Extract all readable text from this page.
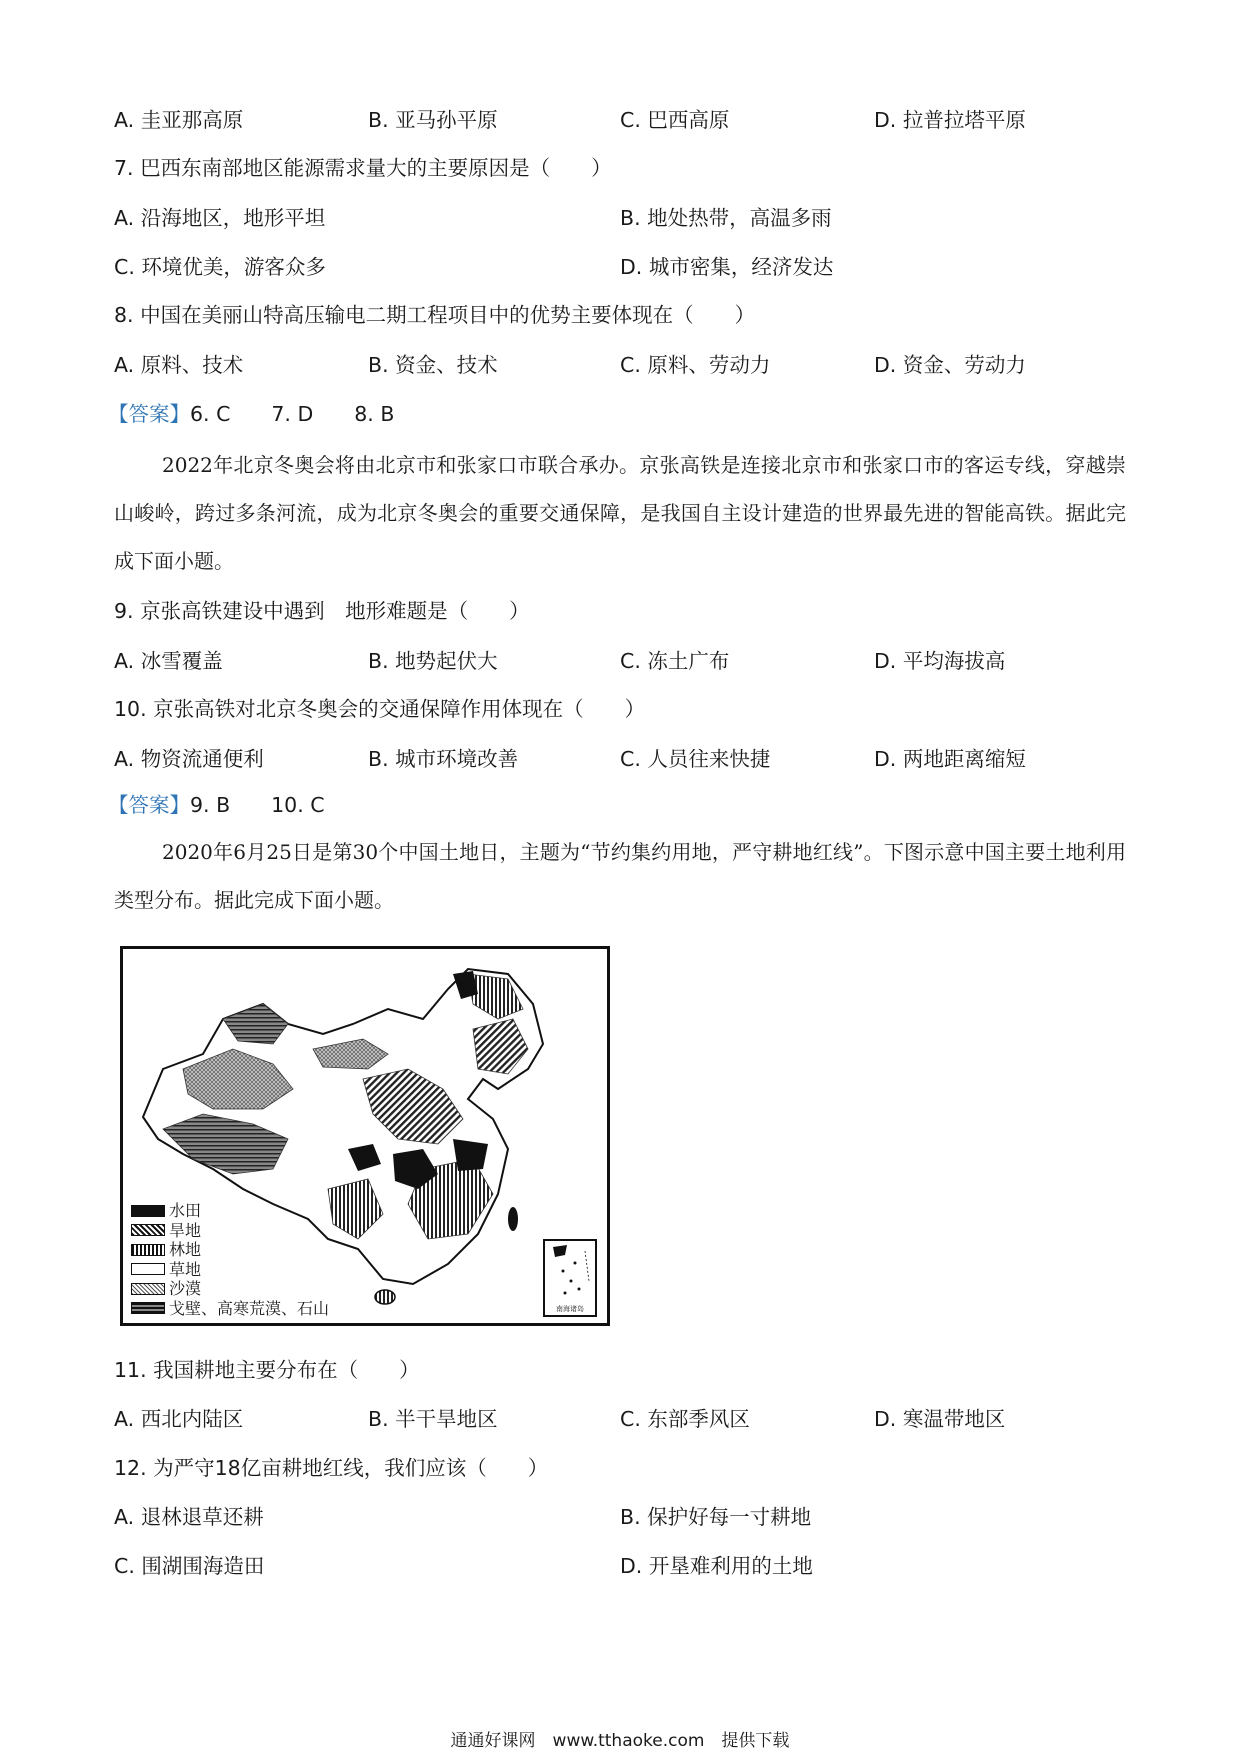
A. 圭亚那高原	B. 亚马孙平原	C. 巴西高原	D. 拉普拉塔平原
7. 巴西东南部地区能源需求量大的主要原因是（　　）
A. 沿海地区，地形平坦	B. 地处热带，高温多雨
C. 环境优美，游客众多	D. 城市密集，经济发达
8. 中国在美丽山特高压输电二期工程项目中的优势主要体现在（　　）
A. 原料、技术	B. 资金、技术	C. 原料、劳动力	D. 资金、劳动力
【答案】6. C　　7. D　　8. B
2022年北京冬奥会将由北京市和张家口市联合承办。京张高铁是连接北京市和张家口市的客运专线，穿越崇山峻岭，跨过多条河流，成为北京冬奥会的重要交通保障，是我国自主设计建造的世界最先进的智能高铁。据此完成下面小题。
9. 京张高铁建设中遇到　地形难题是（　　）
A. 冰雪覆盖	B. 地势起伏大	C. 冻土广布	D. 平均海拔高
10. 京张高铁对北京冬奥会的交通保障作用体现在（　　）
A. 物资流通便利	B. 城市环境改善	C. 人员往来快捷	D. 两地距离缩短
【答案】9. B　　10. C
2020年6月25日是第30个中国土地日，主题为“节约集约用地，严守耕地红线”。下图示意中国主要土地利用类型分布。据此完成下面小题。
水田
旱地
林地
草地
沙漠
戈壁、高寒荒漠、石山	南海诸岛
11. 我国耕地主要分布在（　　）
A. 西北内陆区	B. 半干旱地区	C. 东部季风区	D. 寒温带地区
12. 为严守18亿亩耕地红线，我们应该（　　）
A. 退林退草还耕	B. 保护好每一寸耕地
C. 围湖围海造田	D. 开垦难利用的土地
通通好课网　www.tthaoke.com　提供下载
